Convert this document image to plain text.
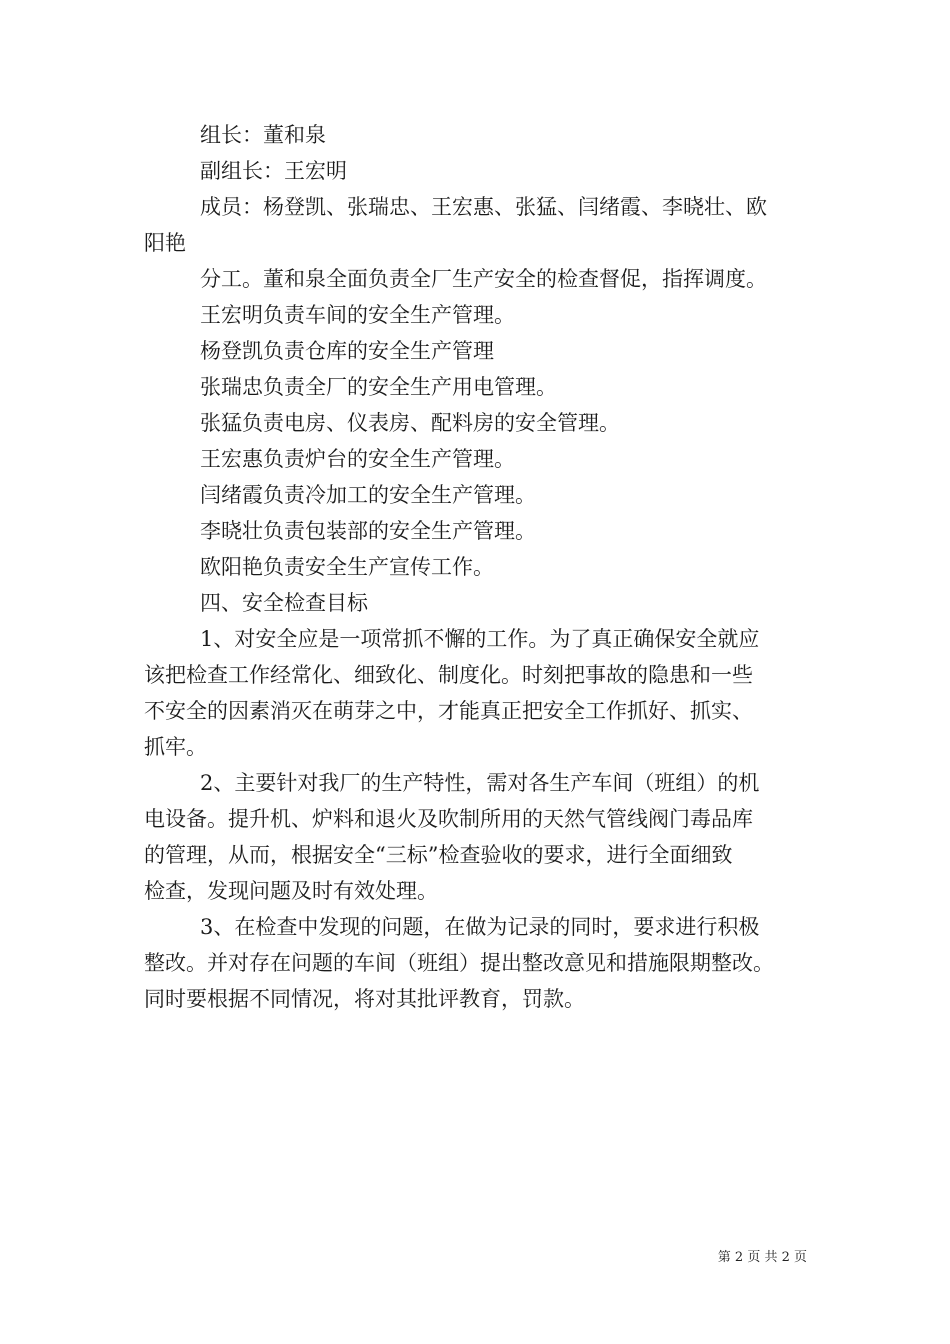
组长：董和泉
副组长：王宏明
成员：杨登凯、张瑞忠、王宏惠、张猛、闫绪霞、李晓壮、欧
阳艳
分工。董和泉全面负责全厂生产安全的检查督促，指挥调度。
王宏明负责车间的安全生产管理。
杨登凯负责仓库的安全生产管理
张瑞忠负责全厂的安全生产用电管理。
张猛负责电房、仪表房、配料房的安全管理。
王宏惠负责炉台的安全生产管理。
闫绪霞负责冷加工的安全生产管理。
李晓壮负责包装部的安全生产管理。
欧阳艳负责安全生产宣传工作。
四、安全检查目标
1、对安全应是一项常抓不懈的工作。为了真正确保安全就应
该把检查工作经常化、细致化、制度化。时刻把事故的隐患和一些
不安全的因素消灭在萌芽之中，才能真正把安全工作抓好、抓实、
抓牢。
2、主要针对我厂的生产特性，需对各生产车间（班组）的机
电设备。提升机、炉料和退火及吹制所用的天然气管线阀门毒品库
的管理，从而，根据安全“三标”检查验收的要求，进行全面细致
检查，发现问题及时有效处理。
3、在检查中发现的问题，在做为记录的同时，要求进行积极
整改。并对存在问题的车间（班组）提出整改意见和措施限期整改。
同时要根据不同情况，将对其批评教育，罚款。
第 2 页 共 2 页
